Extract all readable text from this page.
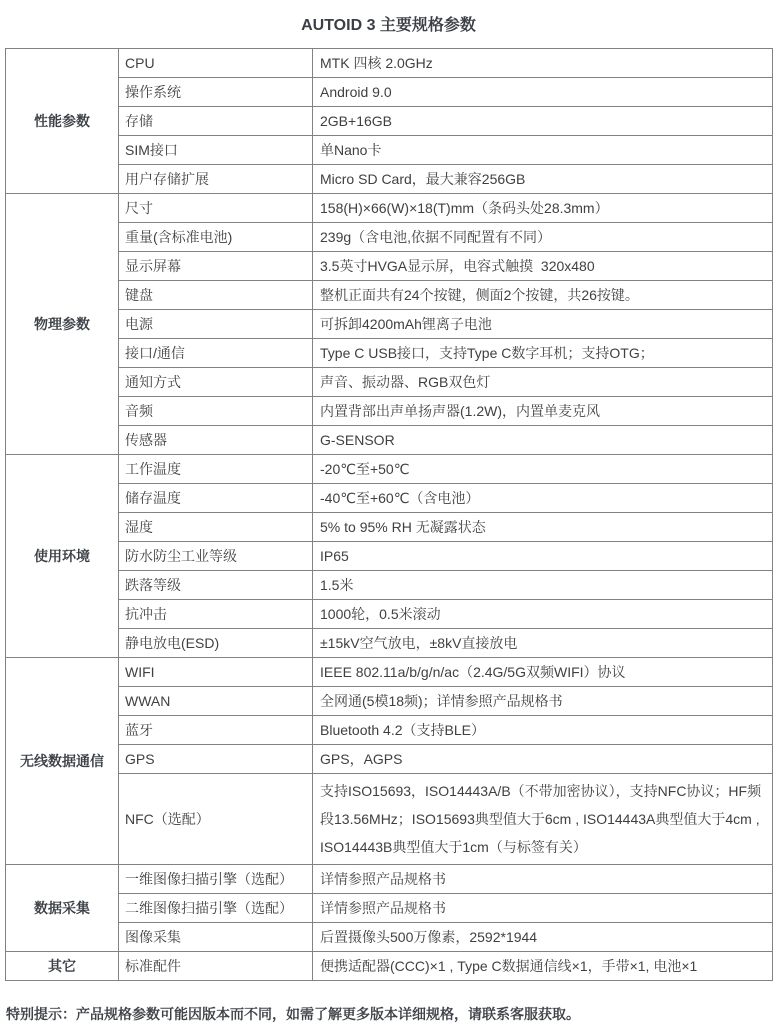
AUTOID 3 主要规格参数
性能参数	CPU	MTK 四核 2.0GHz
	操作系统	Android 9.0
	存储	2GB+16GB
	SIM接口	单Nano卡
	用户存储扩展	Micro SD Card，最大兼容256GB
物理参数	尺寸	158(H)×66(W)×18(T)mm（条码头处28.3mm）
	重量(含标准电池)	239g（含电池,依据不同配置有不同）
	显示屏幕	3.5英寸HVGA显示屏，电容式触摸  320x480
	键盘	整机正面共有24个按键，侧面2个按键，共26按键。
	电源	可拆卸4200mAh锂离子电池
	接口/通信	Type C USB接口，支持Type C数字耳机；支持OTG；
	通知方式	声音、振动器、RGB双色灯
	音频	内置背部出声单扬声器(1.2W)，内置单麦克风
	传感器	G-SENSOR
使用环境	工作温度	-20℃至+50℃
	储存温度	-40℃至+60℃（含电池）
	湿度	5% to 95% RH 无凝露状态
	防水防尘工业等级	IP65
	跌落等级	1.5米
	抗冲击	1000轮，0.5米滚动
	静电放电(ESD)	±15kV空气放电，±8kV直接放电
无线数据通信	WIFI	IEEE 802.11a/b/g/n/ac（2.4G/5G双频WIFI）协议
	WWAN	全网通(5模18频)；详情参照产品规格书
	蓝牙	Bluetooth 4.2（支持BLE）
	GPS	GPS，AGPS
	NFC（选配）	支持ISO15693，ISO14443A/B（不带加密协议），支持NFC协议；HF频段13.56MHz；ISO15693典型值大于6cm , ISO14443A典型值大于4cm , ISO14443B典型值大于1cm（与标签有关）
数据采集	一维图像扫描引擎（选配）	详情参照产品规格书
	二维图像扫描引擎（选配）	详情参照产品规格书
	图像采集	后置摄像头500万像素，2592*1944
其它	标准配件	便携适配器(CCC)×1 , Type C数据通信线×1，手带×1, 电池×1

特别提示：产品规格参数可能因版本而不同，如需了解更多版本详细规格，请联系客服获取。
